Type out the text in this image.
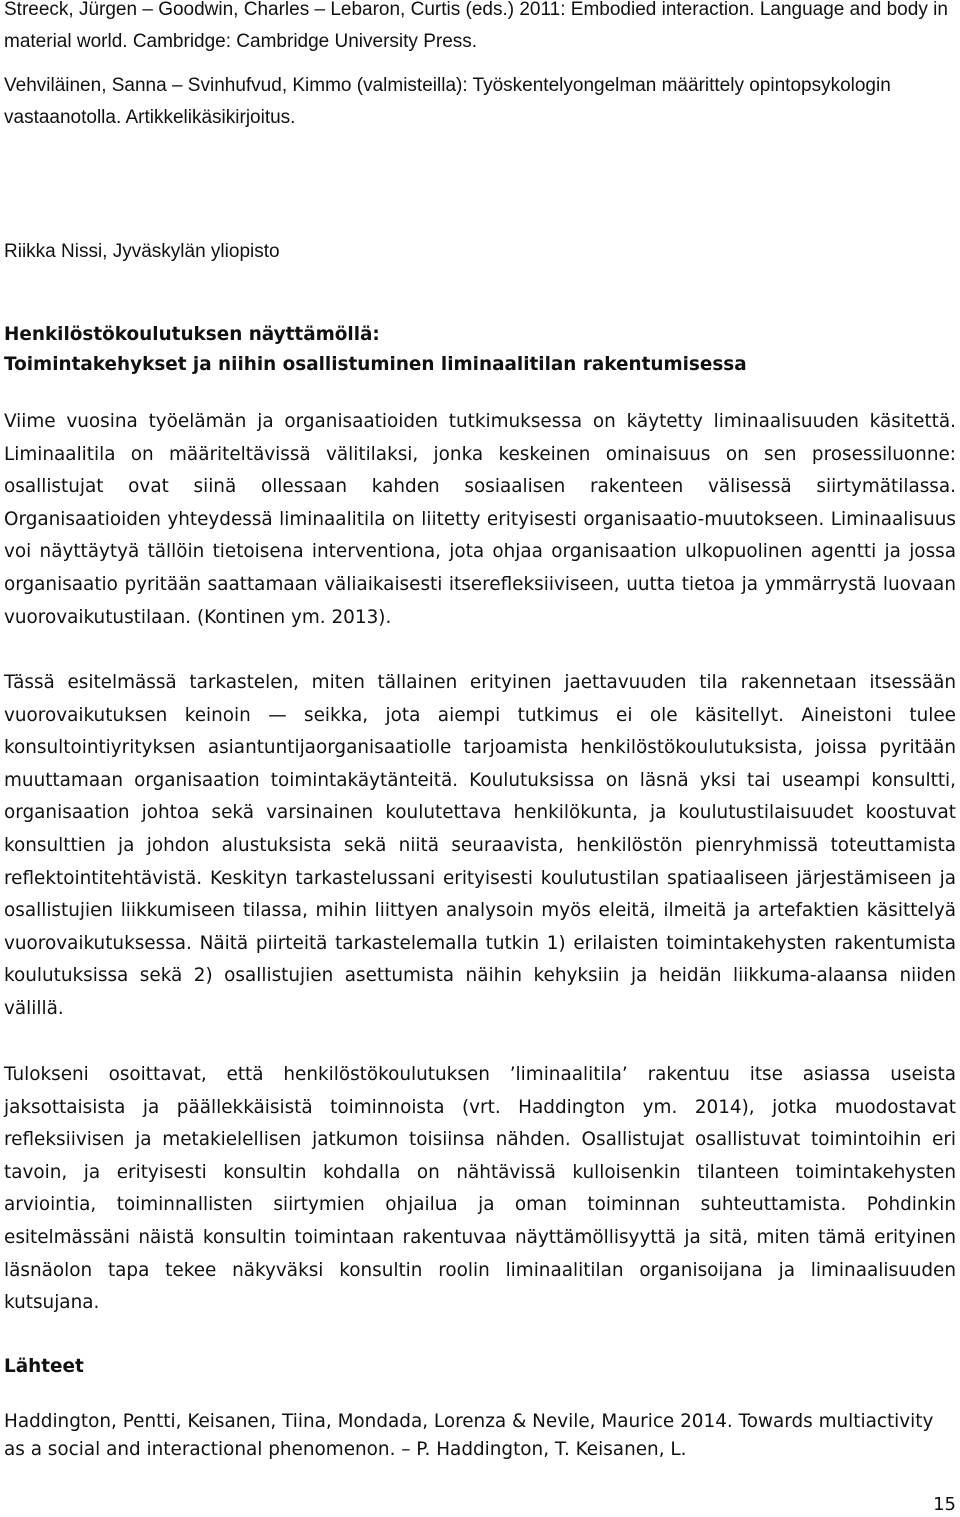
Streeck, Jürgen – Goodwin, Charles – Lebaron, Curtis (eds.) 2011: Embodied interaction. Language and body in material world. Cambridge: Cambridge University Press.

Vehviläinen, Sanna – Svinhufvud, Kimmo (valmisteilla): Työskentelyongelman määrittely opintopsykologin vastaanotolla. Artikkelikäsikirjoitus.

Riikka Nissi, Jyväskylän yliopisto

Henkilöstökoulutuksen näyttämöllä:

Toimintakehykset ja niihin osallistuminen liminaalitilan rakentumisessa

Viime vuosina työelämän ja organisaatioiden tutkimuksessa on käytetty liminaalisuuden käsitettä. Liminaalitila on määriteltävissä välitilaksi, jonka keskeinen ominaisuus on sen prosessiluonne: osallistujat ovat siinä ollessaan kahden sosiaalisen rakenteen välisessä siirtymätilassa. Organisaatioiden yhteydessä liminaalitila on liitetty erityisesti organisaatio-muutokseen. Liminaalisuus voi näyttäytyä tällöin tietoisena interventiona, jota ohjaa organisaation ulkopuolinen agentti ja jossa organisaatio pyritään saattamaan väliaikaisesti itserefleksiiviseen, uutta tietoa ja ymmärrystä luovaan vuorovaikutustilaan. (Kontinen ym. 2013).

Tässä esitelmässä tarkastelen, miten tällainen erityinen jaettavuuden tila rakennetaan itsessään vuorovaikutuksen keinoin — seikka, jota aiempi tutkimus ei ole käsitellyt. Aineistoni tulee konsultointiyrityksen asiantuntijaorganisaatiolle tarjoamista henkilöstökoulutuksista, joissa pyritään muuttamaan organisaation toimintakäytänteitä. Koulutuksissa on läsnä yksi tai useampi konsultti, organisaation johtoa sekä varsinainen koulutettava henkilökunta, ja koulutustilaisuudet koostuvat konsulttien ja johdon alustuksista sekä niitä seuraavista, henkilöstön pienryhmissä toteuttamista reflektointitehtävistä. Keskityn tarkastelussani erityisesti koulutustilan spatiaaliseen järjestämiseen ja osallistujien liikkumiseen tilassa, mihin liittyen analysoin myös eleitä, ilmeitä ja artefaktien käsittelyä vuorovaikutuksessa. Näitä piirteitä tarkastelemalla tutkin 1) erilaisten toimintakehysten rakentumista koulutuksissa sekä 2) osallistujien asettumista näihin kehyksiin ja heidän liikkuma-alaansa niiden välillä.

Tulokseni osoittavat, että henkilöstökoulutuksen ’liminaalitila’ rakentuu itse asiassa useista jaksottaisista ja päällekkäisistä toiminnoista (vrt. Haddington ym. 2014), jotka muodostavat refleksiivisen ja metakielellisen jatkumon toisiinsa nähden. Osallistujat osallistuvat toimintoihin eri tavoin, ja erityisesti konsultin kohdalla on nähtävissä kulloisenkin tilanteen toimintakehysten arviointia, toiminnallisten siirtymien ohjailua ja oman toiminnan suhteuttamista. Pohdinkin esitelmässäni näistä konsultin toimintaan rakentuvaa näyttämöllisyyttä ja sitä, miten tämä erityinen läsnäolon tapa tekee näkyväksi konsultin roolin liminaalitilan organisoijana ja liminaalisuuden kutsujana.

Lähteet

Haddington, Pentti, Keisanen, Tiina, Mondada, Lorenza & Nevile, Maurice 2014. Towards multiactivity as a social and interactional phenomenon. – P. Haddington, T. Keisanen, L.

15
